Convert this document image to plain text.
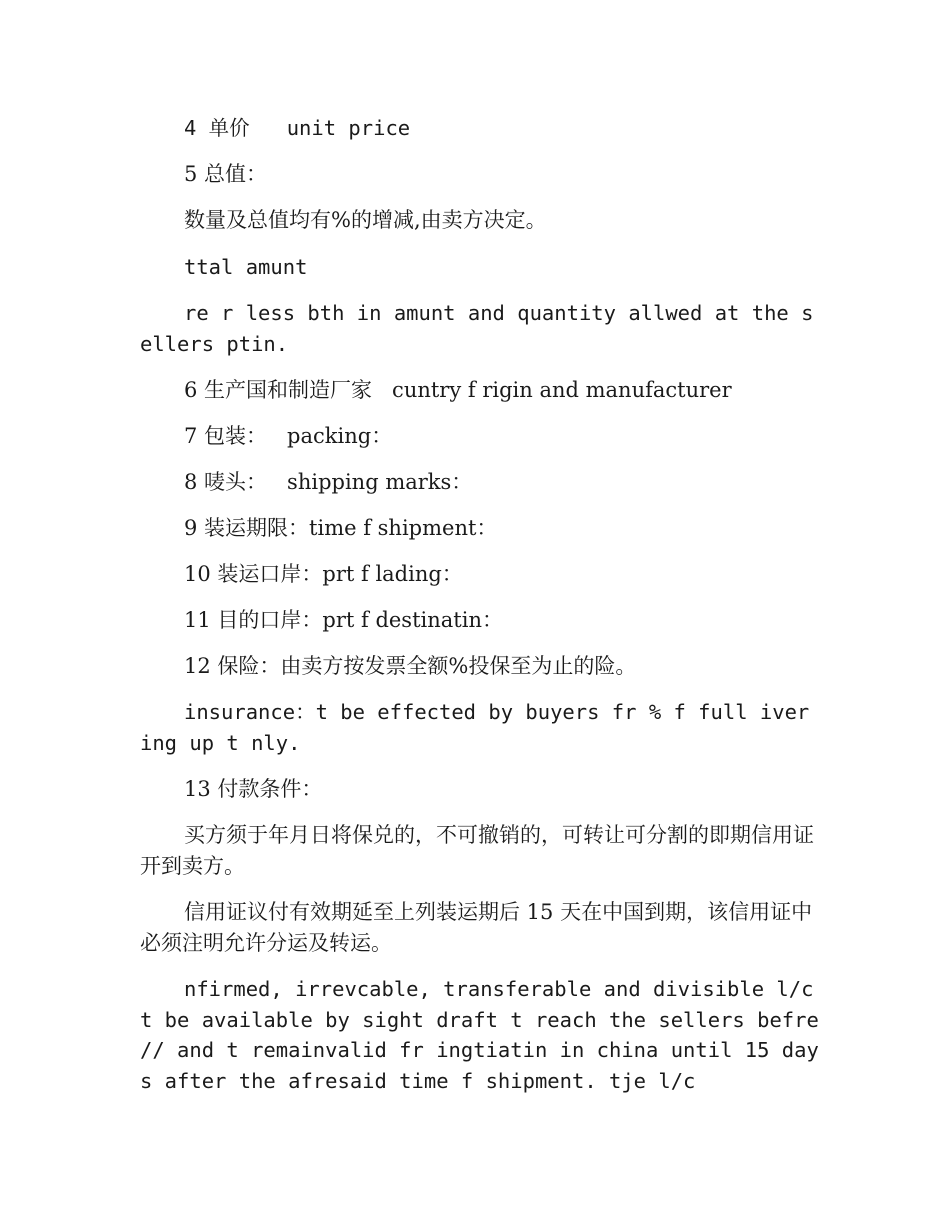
4 单价   unit price

5 总值：

数量及总值均有%的增减,由卖方决定。

ttal amunt

re r less bth in amunt and quantity allwed at the sellers ptin.

6 生产国和制造厂家   cuntry f rigin and manufacturer

7 包装：   packing：

8 唛头：   shipping marks：

9 装运期限：time f shipment：

10 装运口岸：prt f lading：

11 目的口岸：prt f destinatin：

12 保险：由卖方按发票全额%投保至为止的险。

insurance：t be effected by buyers fr % f full ivering up t nly.

13 付款条件：

买方须于年月日将保兑的，不可撤销的，可转让可分割的即期信用证开到卖方。

信用证议付有效期延至上列装运期后 15 天在中国到期，该信用证中必须注明允许分运及转运。

nfirmed, irrevcable, transferable and divisible l/c t be available by sight draft t reach the sellers befre // and t remainvalid fr ingtiatin in china until 15 days after the afresaid time f shipment. tje l/c
